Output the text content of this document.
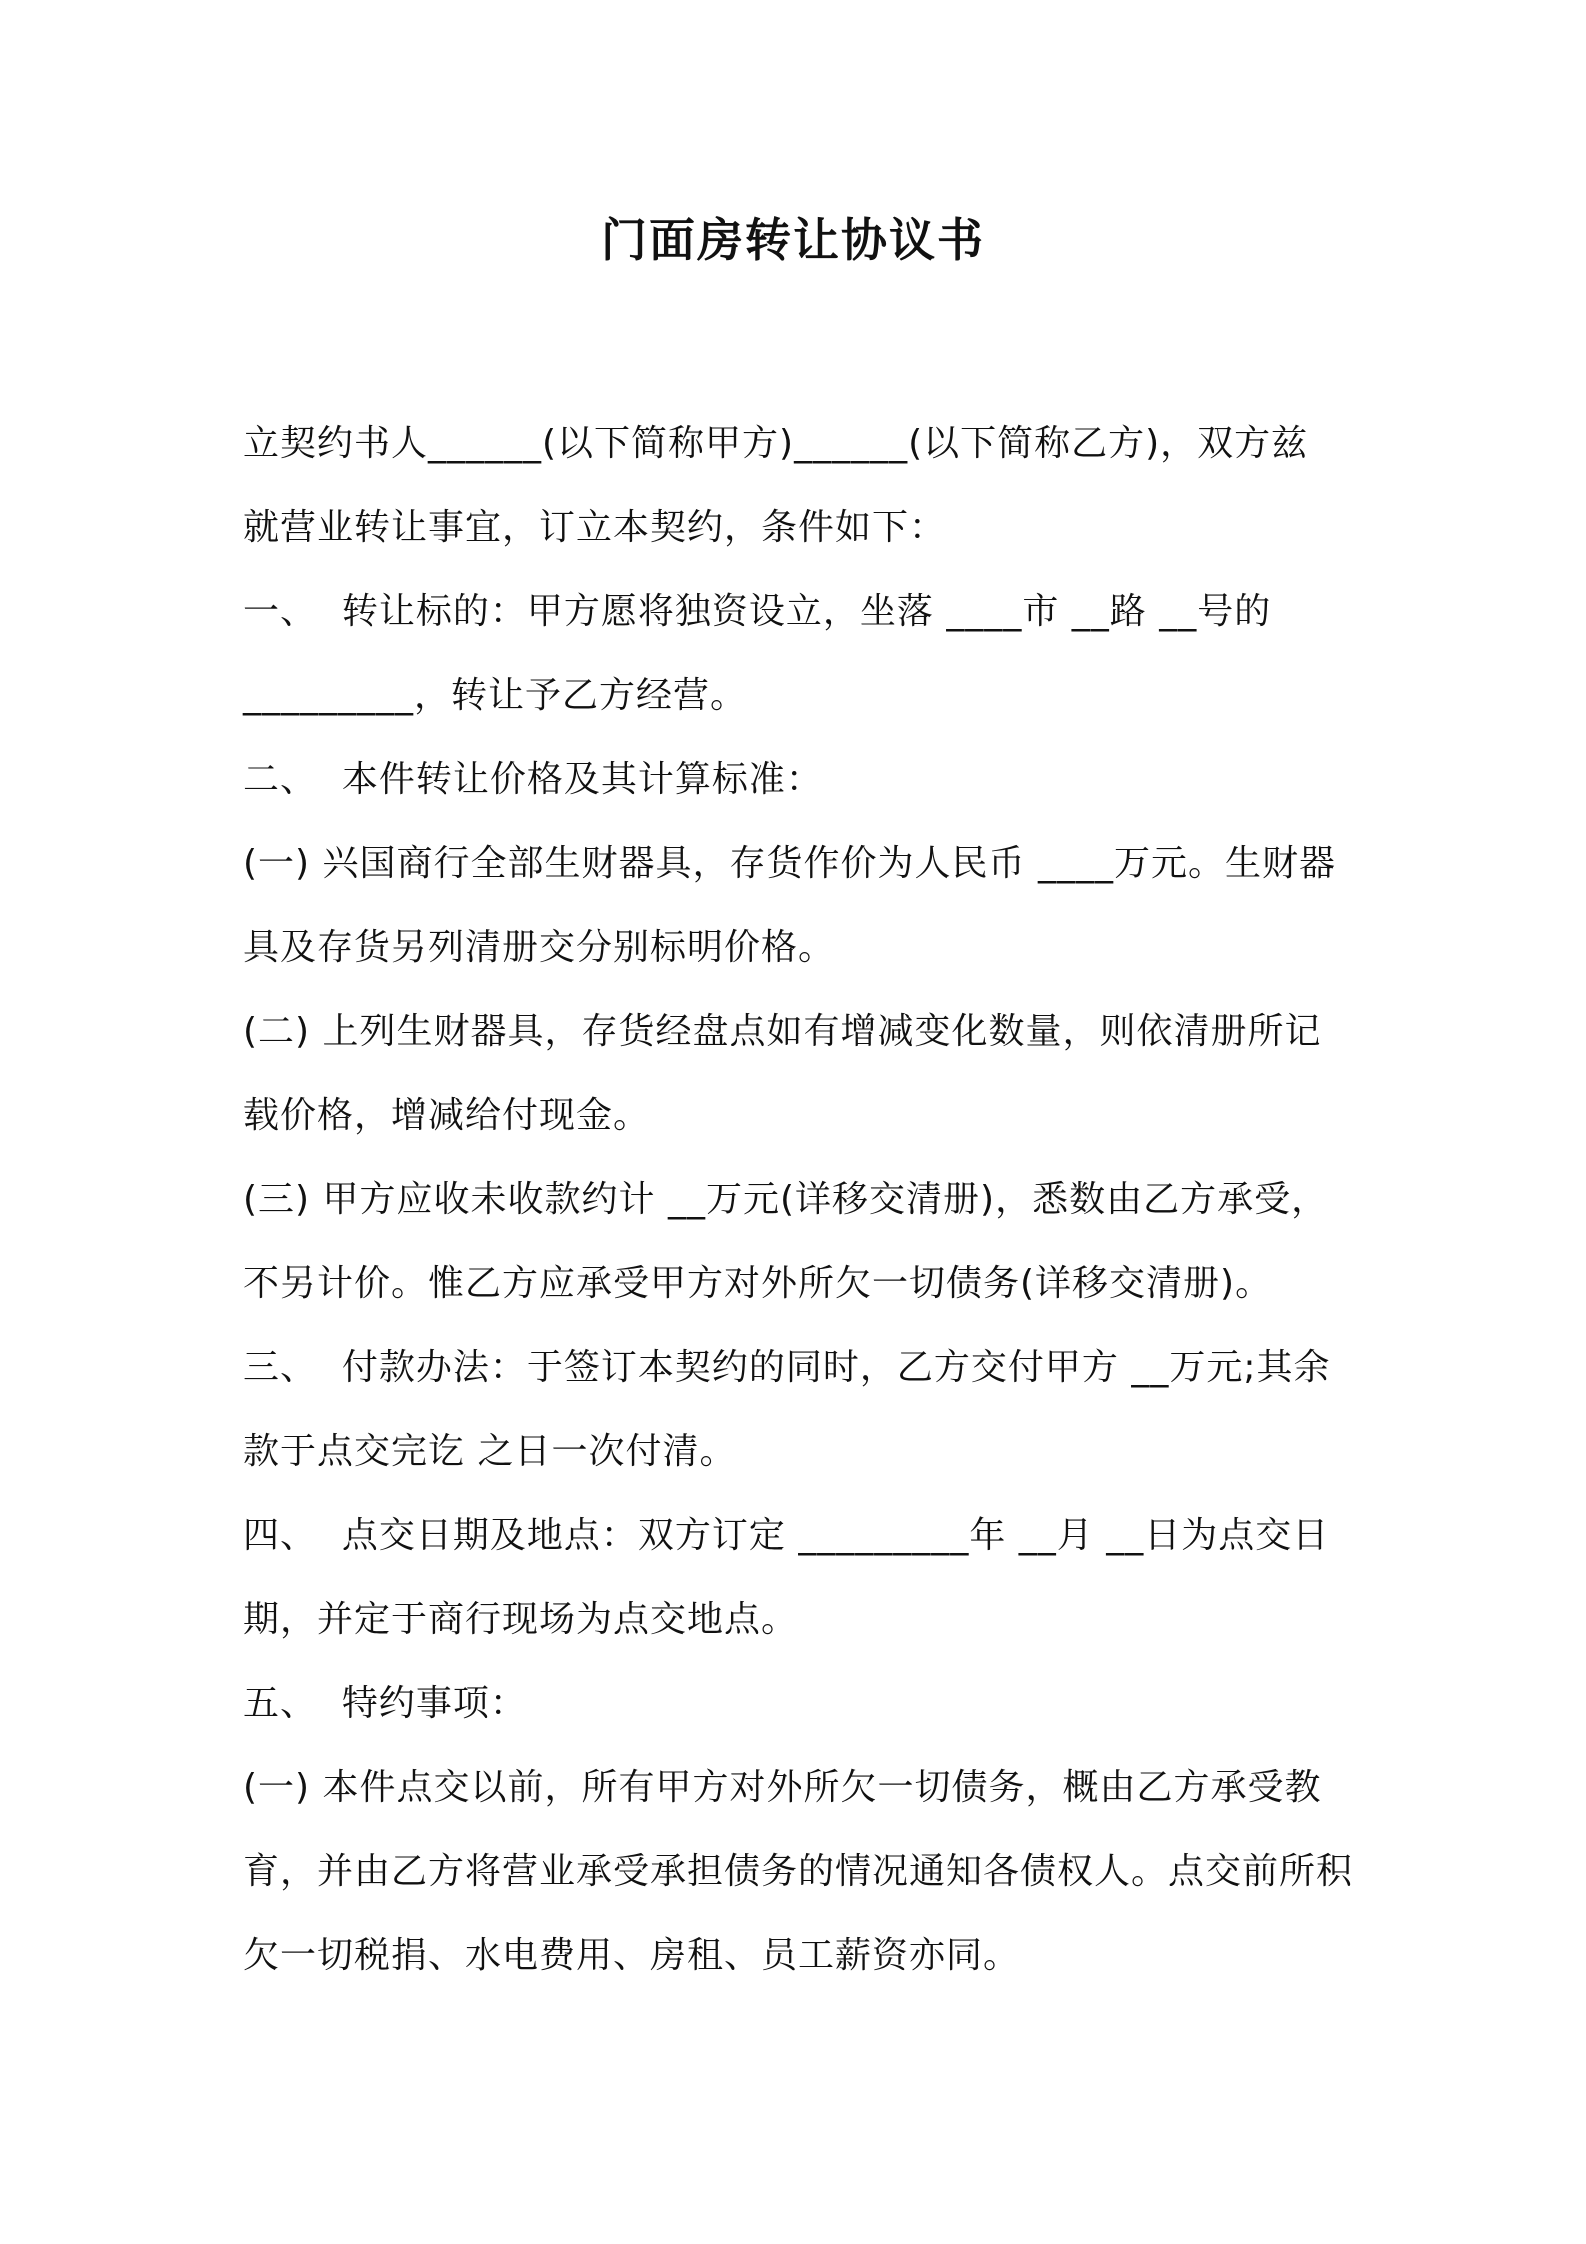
门面房转让协议书
立契约书人______(以下简称甲方)______(以下简称乙方)，双方兹
就营业转让事宜，订立本契约，条件如下：
一、  转让标的：甲方愿将独资设立，坐落 ____市 __路 __号的
_________，转让予乙方经营。
二、  本件转让价格及其计算标准：
(一) 兴国商行全部生财器具，存货作价为人民币 ____万元。生财器
具及存货另列清册交分别标明价格。
(二) 上列生财器具，存货经盘点如有增减变化数量，则依清册所记
载价格，增减给付现金。
(三) 甲方应收未收款约计 __万元(详移交清册)，悉数由乙方承受，
不另计价。惟乙方应承受甲方对外所欠一切债务(详移交清册)。
三、  付款办法：于签订本契约的同时，乙方交付甲方 __万元;其余
款于点交完讫 之日一次付清。
四、  点交日期及地点：双方订定 _________年 __月 __日为点交日
期，并定于商行现场为点交地点。
五、  特约事项：
(一) 本件点交以前，所有甲方对外所欠一切债务，概由乙方承受教
育，并由乙方将营业承受承担债务的情况通知各债权人。点交前所积
欠一切税捐、水电费用、房租、员工薪资亦同。
